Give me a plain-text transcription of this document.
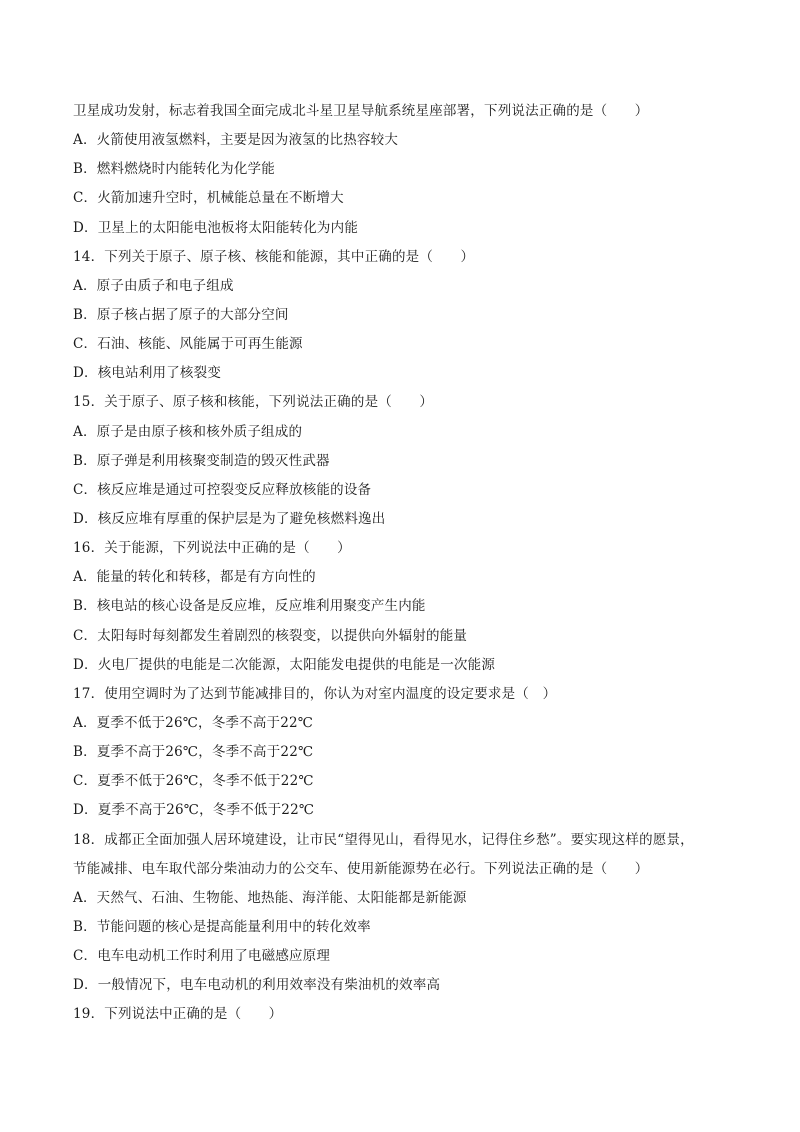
卫星成功发射，标志着我国全面完成北斗星卫星导航系统星座部署，下列说法正确的是（　　）
A．火箭使用液氢燃料，主要是因为液氢的比热容较大
B．燃料燃烧时内能转化为化学能
C．火箭加速升空时，机械能总量在不断增大
D．卫星上的太阳能电池板将太阳能转化为内能
14．下列关于原子、原子核、核能和能源，其中正确的是（　　）
A．原子由质子和电子组成
B．原子核占据了原子的大部分空间
C．石油、核能、风能属于可再生能源
D．核电站利用了核裂变
15．关于原子、原子核和核能，下列说法正确的是（　　）
A．原子是由原子核和核外质子组成的
B．原子弹是利用核聚变制造的毁灭性武器
C．核反应堆是通过可控裂变反应释放核能的设备
D．核反应堆有厚重的保护层是为了避免核燃料逸出
16．关于能源，下列说法中正确的是（　　）
A．能量的转化和转移，都是有方向性的
B．核电站的核心设备是反应堆，反应堆利用聚变产生内能
C．太阳每时每刻都发生着剧烈的核裂变，以提供向外辐射的能量
D．火电厂提供的电能是二次能源，太阳能发电提供的电能是一次能源
17．使用空调时为了达到节能减排目的，你认为对室内温度的设定要求是（　）
A．夏季不低于26℃，冬季不高于22℃
B．夏季不高于26℃，冬季不高于22℃
C．夏季不低于26℃，冬季不低于22℃
D．夏季不高于26℃，冬季不低于22℃
18．成都正全面加强人居环境建设，让市民“望得见山，看得见水，记得住乡愁”。要实现这样的愿景，
节能减排、电车取代部分柴油动力的公交车、使用新能源势在必行。下列说法正确的是（　　）
A．天然气、石油、生物能、地热能、海洋能、太阳能都是新能源
B．节能问题的核心是提高能量利用中的转化效率
C．电车电动机工作时利用了电磁感应原理
D．一般情况下，电车电动机的利用效率没有柴油机的效率高
19．下列说法中正确的是（　　）
